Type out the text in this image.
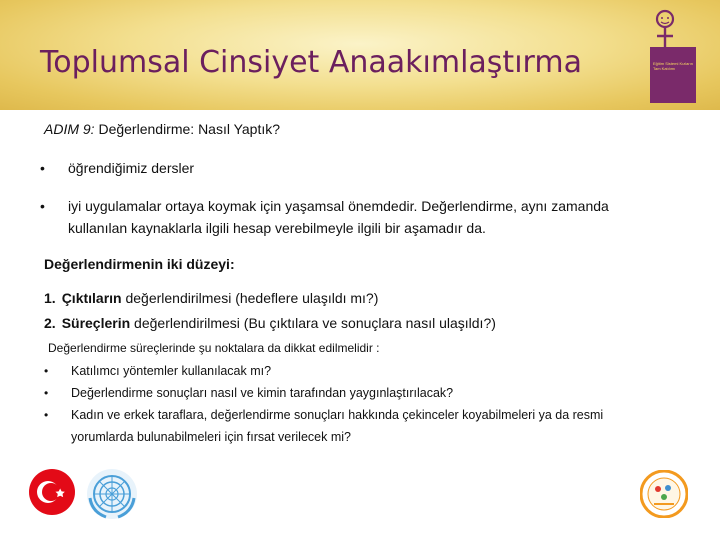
Toplumsal Cinsiyet Anaakımlaştırma	Eğitim Sistemi Kızların Tam Katılımı
ADIM 9: Değerlendirme: Nasıl Yaptık?
• öğrendiğimiz dersler
• iyi uygulamalar ortaya koymak için yaşamsal önemdedir. Değerlendirme, aynı zamanda kullanılan kaynaklarla ilgili hesap verebilmeyle ilgili bir aşamadır da.
Değerlendirmenin iki düzeyi:
1. Çıktıların değerlendirilmesi (hedeflere ulaşıldı mı?)
2. Süreçlerin değerlendirilmesi (Bu çıktılara ve sonuçlara nasıl ulaşıldı?)
Değerlendirme süreçlerinde şu noktalara da dikkat edilmelidir :
• Katılımcı yöntemler kullanılacak mı?
• Değerlendirme sonuçları nasıl ve kimin tarafından yaygınlaştırılacak?
• Kadın ve erkek taraflara, değerlendirme sonuçları hakkında çekinceler koyabilmeleri ya da resmi yorumlarda bulunabilmeleri için fırsat verilecek mi?
